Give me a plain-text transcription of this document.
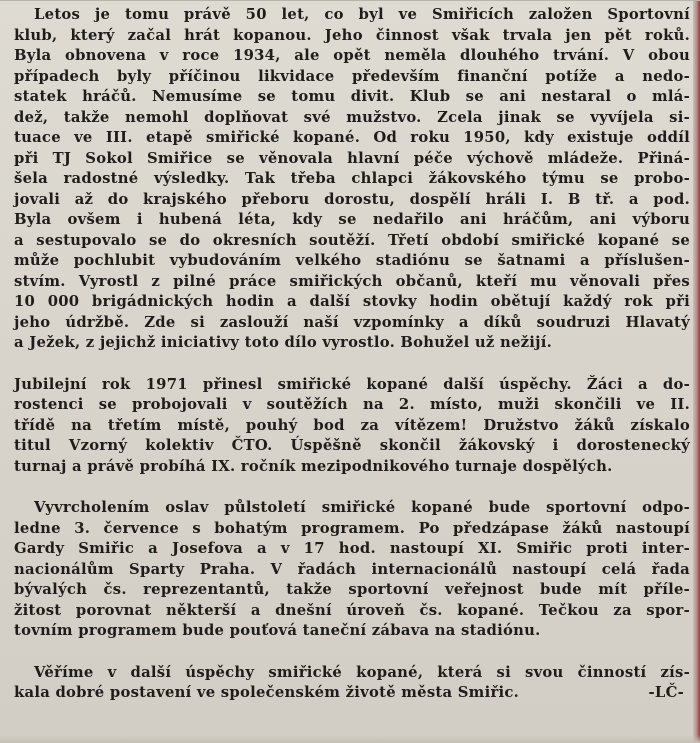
Letos je tomu právě 50 let, co byl ve Smiřicích založen Sportovní
klub, který začal hrát kopanou. Jeho činnost však trvala jen pět roků.
Byla obnovena v roce 1934, ale opět neměla dlouhého trvání. V obou
případech byly příčinou likvidace především finanční potíže a nedo-
statek hráčů. Nemusíme se tomu divit. Klub se ani nestaral o mlá-
dež, takže nemohl doplňovat své mužstvo. Zcela jinak se vyvíjela si-
tuace ve III. etapě smiřické kopané. Od roku 1950, kdy existuje oddíl
při TJ Sokol Smiřice se věnovala hlavní péče výchově mládeže. Přiná-
šela radostné výsledky. Tak třeba chlapci žákovského týmu se probo-
jovali až do krajského přeboru dorostu, dospělí hráli I. B tř. a pod.
Byla ovšem i hubená léta, kdy se nedařilo ani hráčům, ani výboru
a sestupovalo se do okresních soutěží. Třetí období smiřické kopané se
může pochlubit vybudováním velkého stadiónu se šatnami a příslušen-
stvím. Vyrostl z pilné práce smiřických občanů, kteří mu věnovali přes
10 000 brigádnických hodin a další stovky hodin obětují každý rok při
jeho údržbě. Zde si zaslouží naší vzpomínky a díků soudruzi Hlavatý
a Ježek, z jejichž iniciativy toto dílo vyrostlo. Bohužel už nežijí.
Jubilejní rok 1971 přinesl smiřické kopané další úspěchy. Žáci a do-
rostenci se probojovali v soutěžích na 2. místo, muži skončili ve II.
třídě na třetím místě, pouhý bod za vítězem! Družstvo žáků získalo
titul Vzorný kolektiv ČTO. Úspěšně skončil žákovský i dorostenecký
turnaj a právě probíhá IX. ročník mezipodnikového turnaje dospělých.
Vyvrcholením oslav půlstoletí smiřické kopané bude sportovní odpo-
ledne 3. července s bohatým programem. Po předzápase žáků nastoupí
Gardy Smiřic a Josefova a v 17 hod. nastoupí XI. Smiřic proti inter-
nacionálům Sparty Praha. V řadách internacionálů nastoupí celá řada
bývalých čs. reprezentantů, takže sportovní veřejnost bude mít příle-
žitost porovnat některší a dnešní úroveň čs. kopané. Tečkou za spor-
tovním programem bude pouťová taneční zábava na stadiónu.
Věříme v další úspěchy smiřické kopané, která si svou činností zís-
kala dobré postavení ve společenském životě města Smiřic.	-LČ-
